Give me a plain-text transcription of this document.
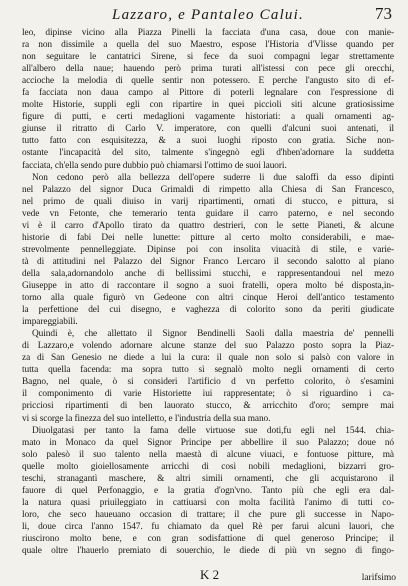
Lazzaro, e Pantaleo Calui.	73
leo, dipinse vicino alla Piazza Pinelli la facciata d'una casa, doue con manie-
ra non dissimile a quella del suo Maestro, espose l'Historia d'Vlisse quando per
non seguitare le cantatrici Sirene, si fece da suoi compagni legar strettamente
all'albero della naue; hauendo però prima turati all'istessi con pece gli orecchi,
accioche la melodia di quelle sentir non potessero. E perche l'angusto sito di ef-
fa facciata non daua campo al Pittore di poterli legnalare con l'espressione di
molte Historie, suppli egli con ripartire in quei piccioli siti alcune gratiosissime
figure di putti, e certi medaglioni vagamente historiati: a quali ornamenti ag-
giunse il ritratto di Carlo V. imperatore, con quelli d'alcuni suoi antenati, il
tutto fatto con esquisitezza, & a suoi luoghi riposto con gratia. Siche non-
ostante l'incapacità del sito, talmente s'ingegnò egli d'hben'adornare la suddetta
facciata, ch'ella sendo pure dubbio può chiamarsi l'ottimo de suoi lauori.
Non cedono però alla bellezza dell'opere suderre li due saloffi da esso dipinti
nel Palazzo del signor Duca Grimaldi di rimpetto alla Chiesa di San Francesco,
nel primo de quali diuiso in varij ripartimenti, ornati di stucco, e pittura, si
vede vn Fetonte, che temerario tenta guidare il carro paterno, e nel secondo
vi è il carro d'Apollo tirato da quattro destrieri, con le sette Pianeti, & alcune
historie di fabi Dei nelle lunette: pitture al certo molto considerabili, e mae-
strevolmente pennelleggiate. Dipinse poi con insolita viuacità di stile, e varie-
tà di attitudini nel Palazzo del Signor Franco Lercaro il secondo salotto al piano
della sala,adornandolo anche di bellissimi stucchi, e rappresentandoui nel mezo
Giuseppe in atto di raccontare il sogno a suoi fratelli, opera molto bé disposta,in-
torno alla quale figurò vn Gedeone con altri cinque Heroi dell'antico testamento
la perfettione del cui disegno, e vaghezza di colorito sono da periti giudicate
impareggiabili.
Quindi è, che allettato il Signor Bendinelli Saoli dalla maestria de' pennelli
di Lazzaro,e volendo adornare alcune stanze del suo Palazzo posto sopra la Piaz-
za di San Genesio ne diede a lui la cura: il quale non solo si palsò con valore in
tutta quella facenda: ma sopra tutto sì segnalò molto negli ornamenti di certo
Bagno, nel quale, ò si consideri l'artificio d vn perfetto colorito, ò s'esamini
il componimento di varie Historiette iui rappresentate; ò si riguardino i ca-
pricciosi ripartimenti di ben lauorato stucco, & arricchito d'oro; sempre mai
vi si scorge la finezza del suo intelletto, e l'industria della sua mano.
Diuolgatasi per tanto la fama delle virtuose sue doti,fu egli nel 1544. chia-
mato in Monaco da quel Signor Principe per abbellire il suo Palazzo; doue nó
solo palesò il suo talento nella maestà di alcune viuaci, e fontuose pitture, mà
quelle molto gioiellosamente arricchi di così nobili medaglioni, bizzarri gro-
teschi, stranagantì maschere, & altri simili ornamenti, che gli acquistarono il
fauore di quel Perfonaggio, e la gratia d'ogn'vno. Tanto più che egli era dal-
la natura quasi priuileggiato in cattiuarsi con molta facilità l'animo di tutti co-
loro, che seco haueuano occasion di trattare; il che pure gli successe in Napo-
li, doue circa l'anno 1547. fu chiamato da quel Rè per farui alcuni lauori, che
riuscirono molto bene, e con gran sodisfattione di quel generoso Principe; il
quale oltre l'hauerlo premiato di souerchio, le diede di più vn segno di fingo-
K 2	larifsimo
